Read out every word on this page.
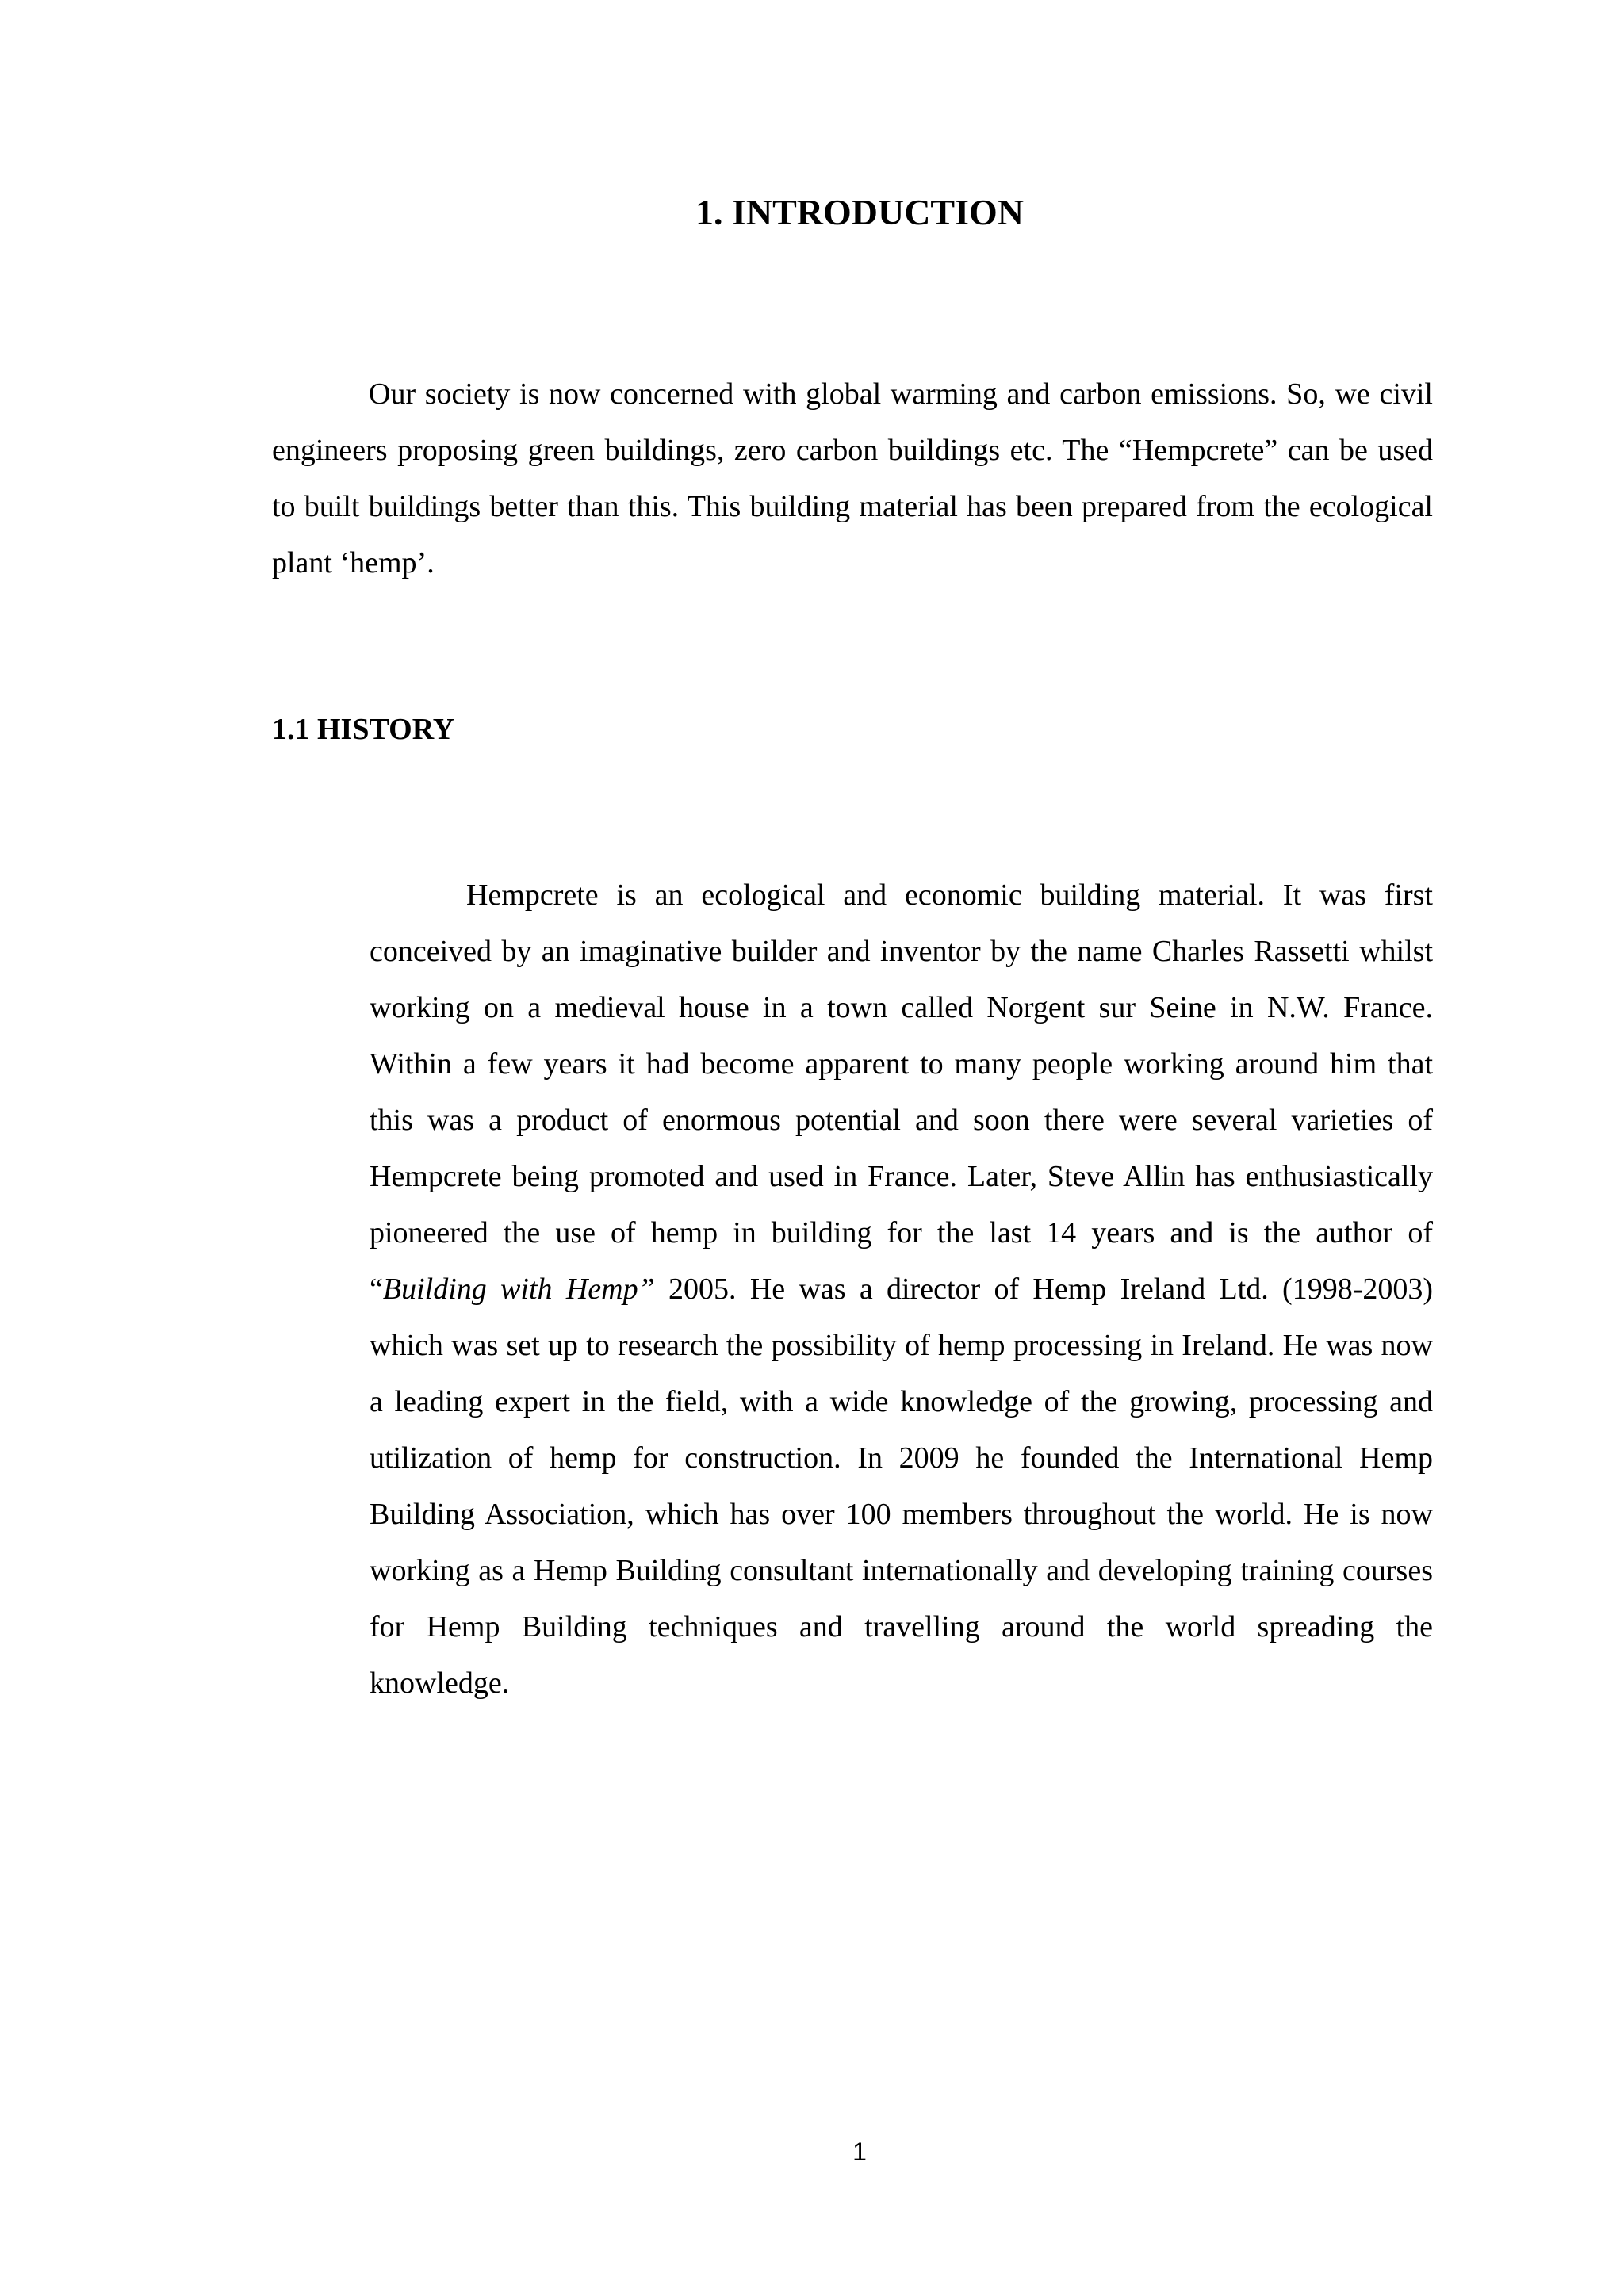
1. INTRODUCTION

Our society is now concerned with global warming and carbon emissions. So, we civil engineers proposing green buildings, zero carbon buildings etc. The “Hempcrete” can be used to built buildings better than this. This building material has been prepared from the ecological plant ‘hemp’.

1.1 HISTORY

Hempcrete is an ecological and economic building material. It was first conceived by an imaginative builder and inventor by the name Charles Rassetti whilst working on a medieval house in a town called Norgent sur Seine in N.W. France. Within a few years it had become apparent to many people working around him that this was a product of enormous potential and soon there were several varieties of Hempcrete being promoted and used in France. Later, Steve Allin has enthusiastically pioneered the use of hemp in building for the last 14 years and is the author of “Building with Hemp” 2005. He was a director of Hemp Ireland Ltd. (1998-2003) which was set up to research the possibility of hemp processing in Ireland. He was now a leading expert in the field, with a wide knowledge of the growing, processing and utilization of hemp for construction. In 2009 he founded the International Hemp Building Association, which has over 100 members throughout the world. He is now working as a Hemp Building consultant internationally and developing training courses for Hemp Building techniques and travelling around the world spreading the knowledge.

1
